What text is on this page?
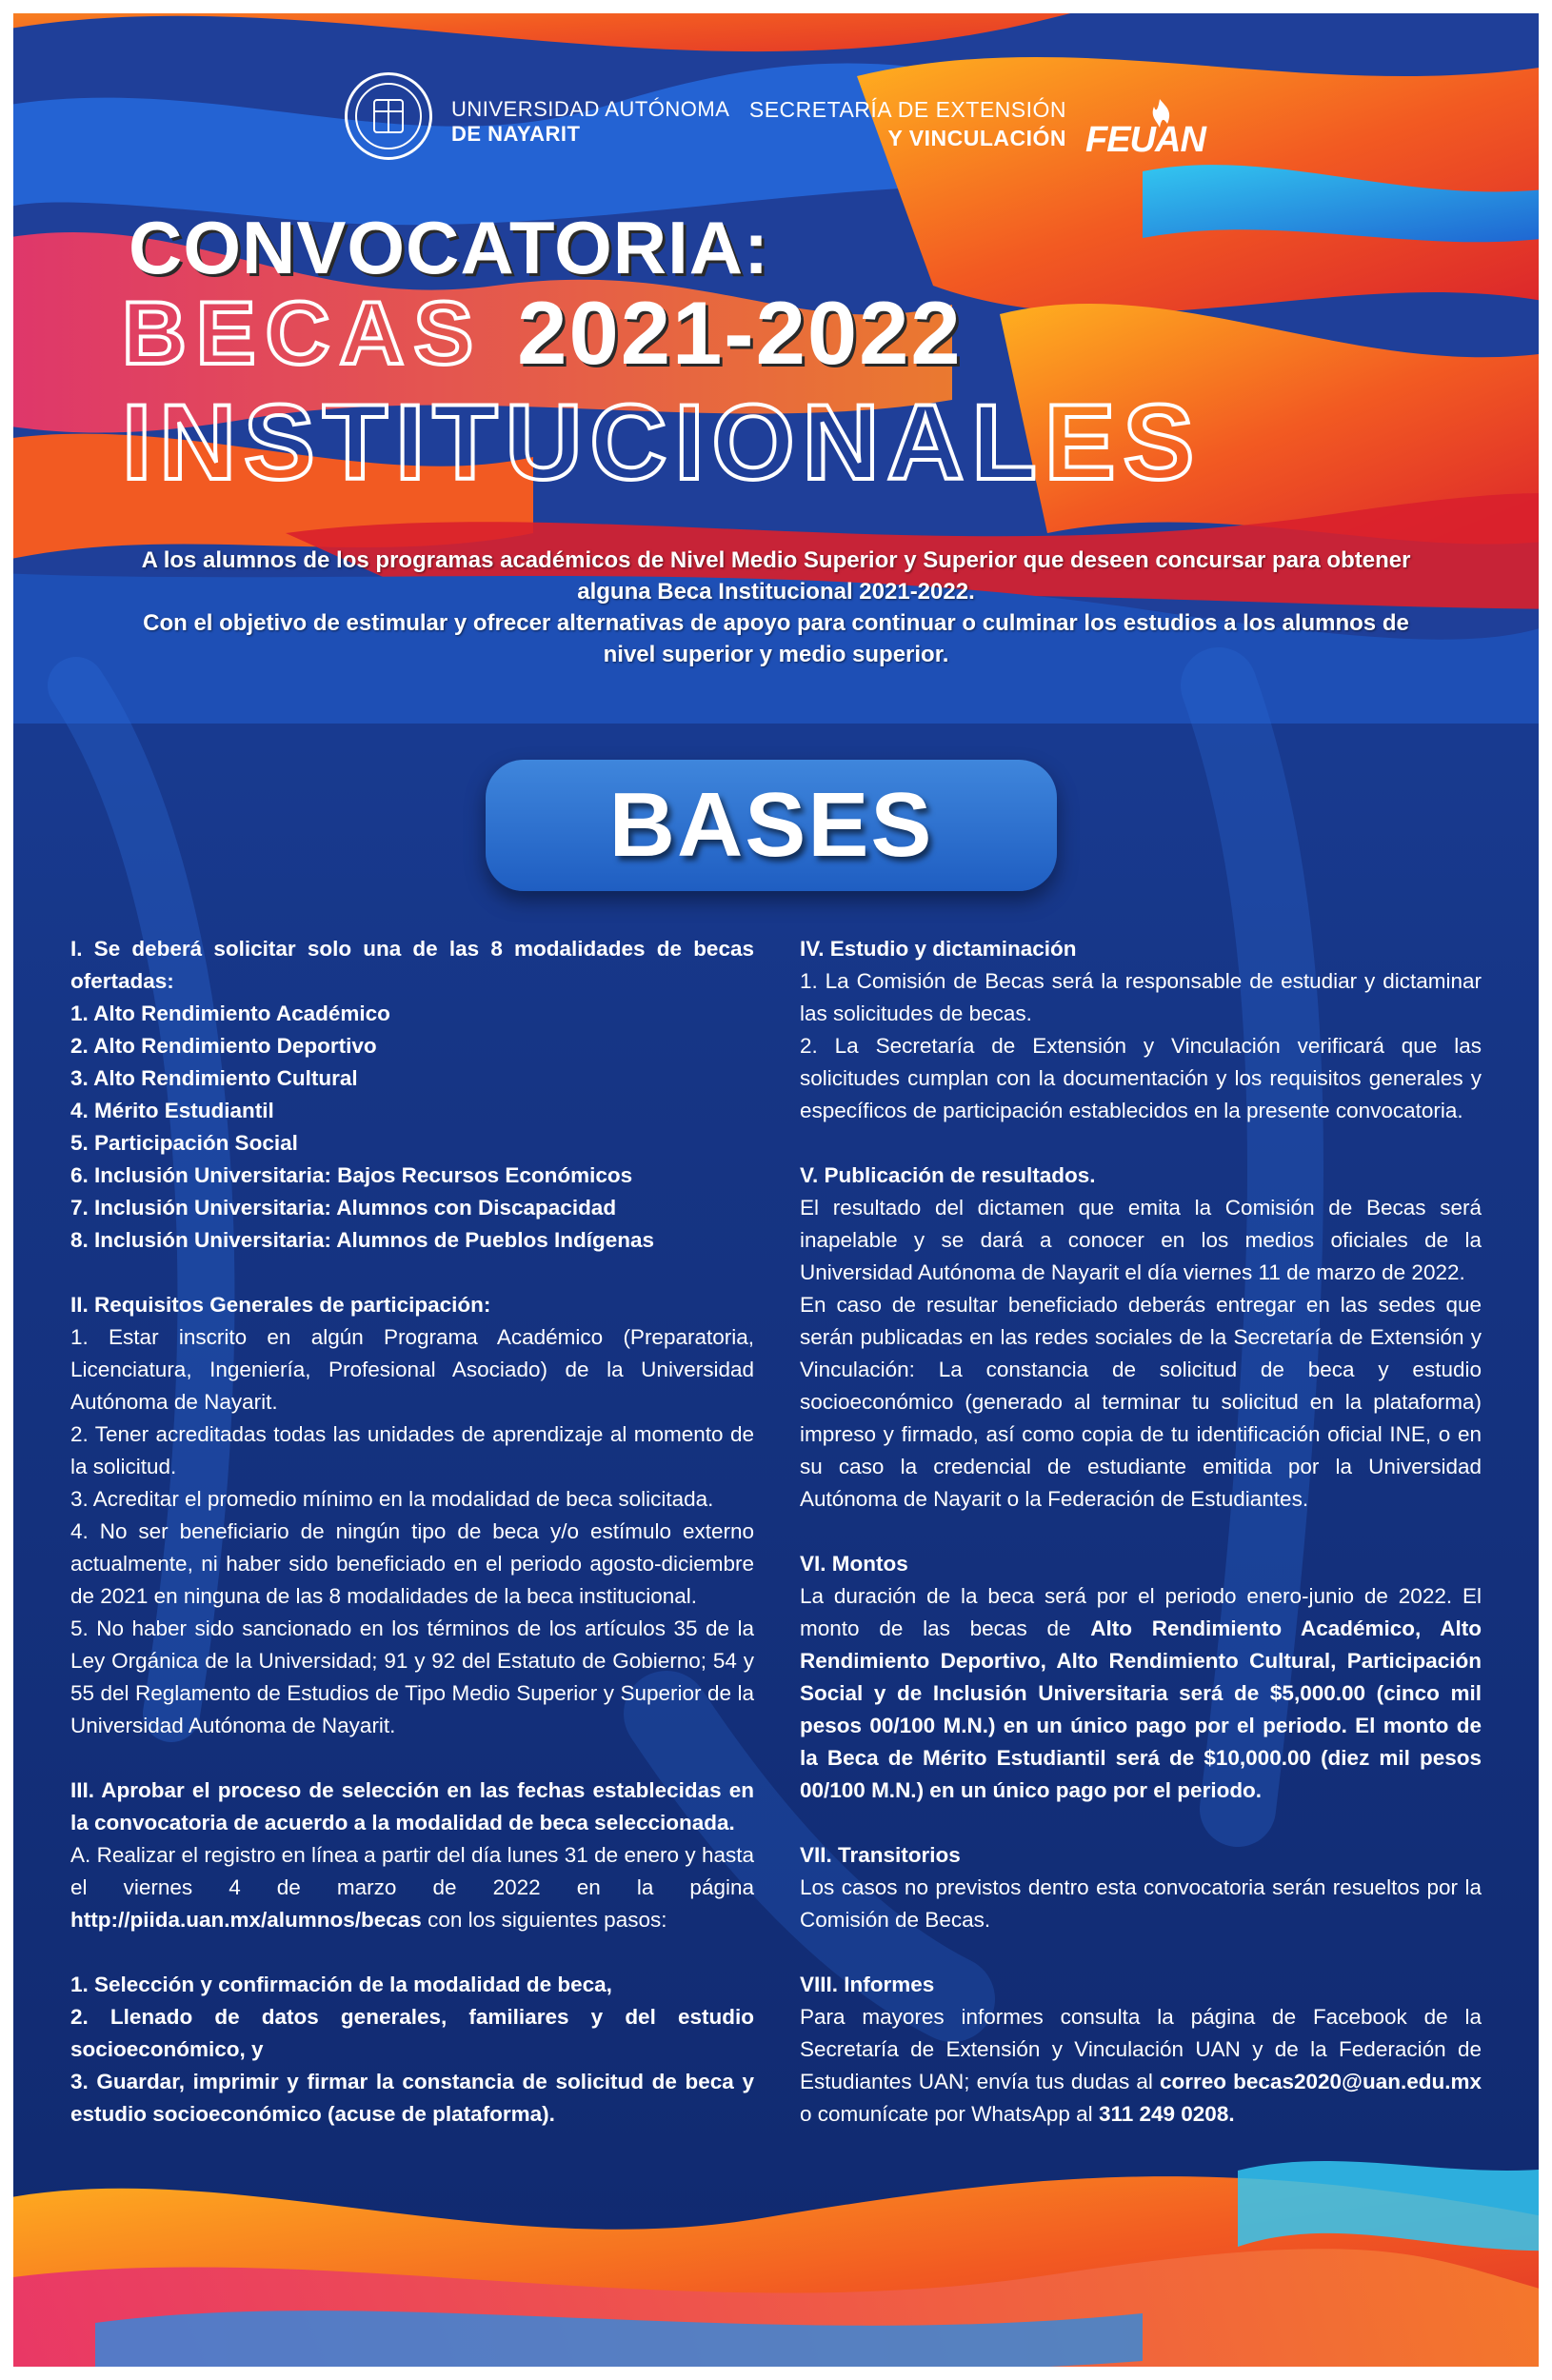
UNIVERSIDAD AUTÓNOMA
DE NAYARIT
SECRETARÍA DE EXTENSIÓN
Y VINCULACIÓN FEUAN
CONVOCATORIA:
BECAS 2021-2022
INSTITUCIONALES

A los alumnos de los programas académicos de Nivel Medio Superior y Superior que deseen concursar para obtener alguna Beca Institucional 2021-2022.

Con el objetivo de estimular y ofrecer alternativas de apoyo para continuar o culminar los estudios a los alumnos de nivel superior y medio superior.

BASES

I. Se deberá solicitar solo una de las 8 modalidades de becas ofertadas:

1. Alto Rendimiento Académico

2. Alto Rendimiento Deportivo

3. Alto Rendimiento Cultural

4. Mérito Estudiantil

5. Participación Social

6. Inclusión Universitaria: Bajos Recursos Económicos

7. Inclusión Universitaria: Alumnos con Discapacidad

8. Inclusión Universitaria: Alumnos de Pueblos Indígenas

II. Requisitos Generales de participación:

1. Estar inscrito en algún Programa Académico (Preparatoria, Licenciatura, Ingeniería, Profesional Asociado) de la Universidad Autónoma de Nayarit.

2. Tener acreditadas todas las unidades de aprendizaje al momento de la solicitud.

3. Acreditar el promedio mínimo en la modalidad de beca solicitada.

4. No ser beneficiario de ningún tipo de beca y/o estímulo externo actualmente, ni haber sido beneficiado en el periodo agosto-diciembre de 2021 en ninguna de las 8 modalidades de la beca institucional.

5. No haber sido sancionado en los términos de los artículos 35 de la Ley Orgánica de la Universidad; 91 y 92 del Estatuto de Gobierno; 54 y 55 del Reglamento de Estudios de Tipo Medio Superior y Superior de la Universidad Autónoma de Nayarit.

III. Aprobar el proceso de selección en las fechas establecidas en la convocatoria de acuerdo a la modalidad de beca seleccionada.

A. Realizar el registro en línea a partir del día lunes 31 de enero y hasta el viernes 4 de marzo de 2022 en la página http://piida.uan.mx/alumnos/becas con los siguientes pasos:

1. Selección y confirmación de la modalidad de beca,

2. Llenado de datos generales, familiares y del estudio socioeconómico, y

3. Guardar, imprimir y firmar la constancia de solicitud de beca y estudio socioeconómico (acuse de plataforma).

IV. Estudio y dictaminación

1. La Comisión de Becas será la responsable de estudiar y dictaminar las solicitudes de becas.

2. La Secretaría de Extensión y Vinculación verificará que las solicitudes cumplan con la documentación y los requisitos generales y específicos de participación establecidos en la presente convocatoria.

V. Publicación de resultados.

El resultado del dictamen que emita la Comisión de Becas será inapelable y se dará a conocer en los medios oficiales de la Universidad Autónoma de Nayarit el día viernes 11 de marzo de 2022.

En caso de resultar beneficiado deberás entregar en las sedes que serán publicadas en las redes sociales de la Secretaría de Extensión y Vinculación: La constancia de solicitud de beca y estudio socioeconómico (generado al terminar tu solicitud en la plataforma) impreso y firmado, así como copia de tu identificación oficial INE, o en su caso la credencial de estudiante emitida por la Universidad Autónoma de Nayarit o la Federación de Estudiantes.

VI. Montos

La duración de la beca será por el periodo enero-junio de 2022. El monto de las becas de Alto Rendimiento Académico, Alto Rendimiento Deportivo, Alto Rendimiento Cultural, Participación Social y de Inclusión Universitaria será de $5,000.00 (cinco mil pesos 00/100 M.N.) en un único pago por el periodo. El monto de la Beca de Mérito Estudiantil será de $10,000.00 (diez mil pesos 00/100 M.N.) en un único pago por el periodo.

VII. Transitorios

Los casos no previstos dentro esta convocatoria serán resueltos por la Comisión de Becas.

VIII. Informes

Para mayores informes consulta la página de Facebook de la Secretaría de Extensión y Vinculación UAN y de la Federación de Estudiantes UAN; envía tus dudas al correo becas2020@uan.edu.mx o comunícate por WhatsApp al 311 249 0208.
